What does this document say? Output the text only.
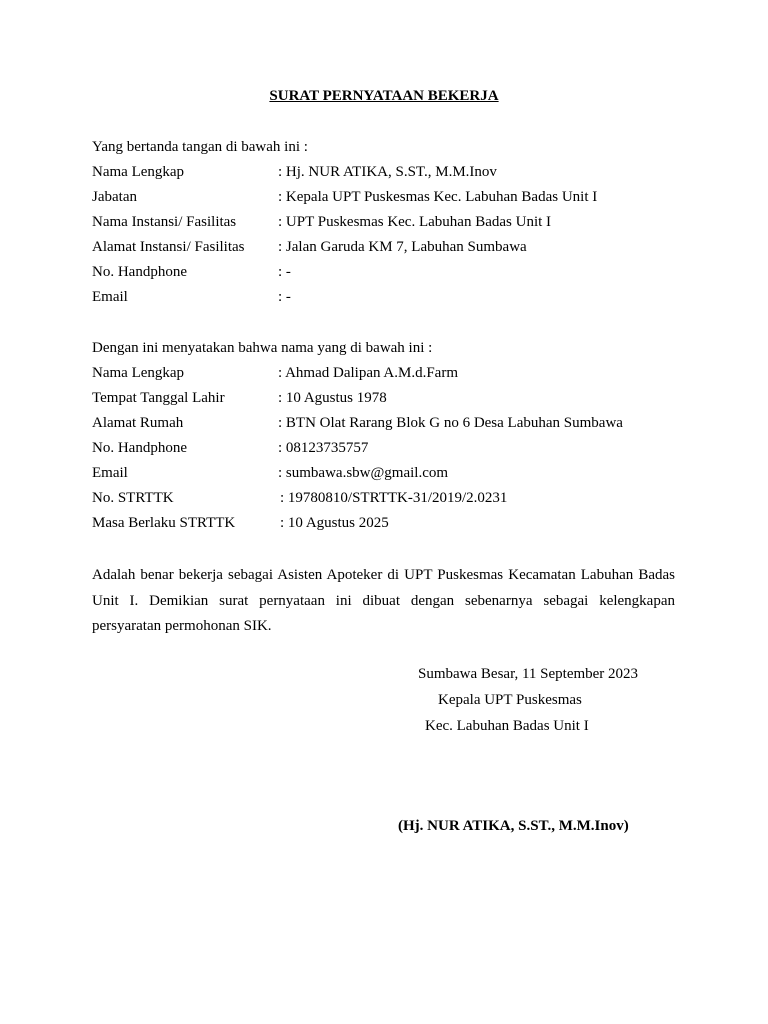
SURAT PERNYATAAN BEKERJA
Yang bertanda tangan di bawah ini :
Nama Lengkap	: Hj. NUR ATIKA, S.ST., M.M.Inov
Jabatan	: Kepala UPT Puskesmas Kec. Labuhan Badas Unit I
Nama Instansi/ Fasilitas	: UPT Puskesmas Kec. Labuhan Badas Unit I
Alamat Instansi/ Fasilitas : Jalan Garuda KM 7, Labuhan Sumbawa
No. Handphone	: -
Email	: -
Dengan ini menyatakan bahwa nama yang di bawah ini :
Nama Lengkap	: Ahmad Dalipan A.M.d.Farm
Tempat Tanggal Lahir	: 10 Agustus 1978
Alamat Rumah	: BTN Olat Rarang Blok G no 6 Desa Labuhan Sumbawa
No. Handphone	: 08123735757
Email	: sumbawa.sbw@gmail.com
No. STRTTK	: 19780810/STRTTK-31/2019/2.0231
Masa Berlaku STRTTK	: 10 Agustus 2025
Adalah benar bekerja sebagai Asisten Apoteker di UPT Puskesmas Kecamatan Labuhan Badas Unit I. Demikian surat pernyataan ini dibuat dengan sebenarnya sebagai kelengkapan persyaratan permohonan SIK.
Sumbawa Besar, 11 September 2023
Kepala UPT Puskesmas
Kec. Labuhan Badas Unit I
(Hj. NUR ATIKA, S.ST., M.M.Inov)
